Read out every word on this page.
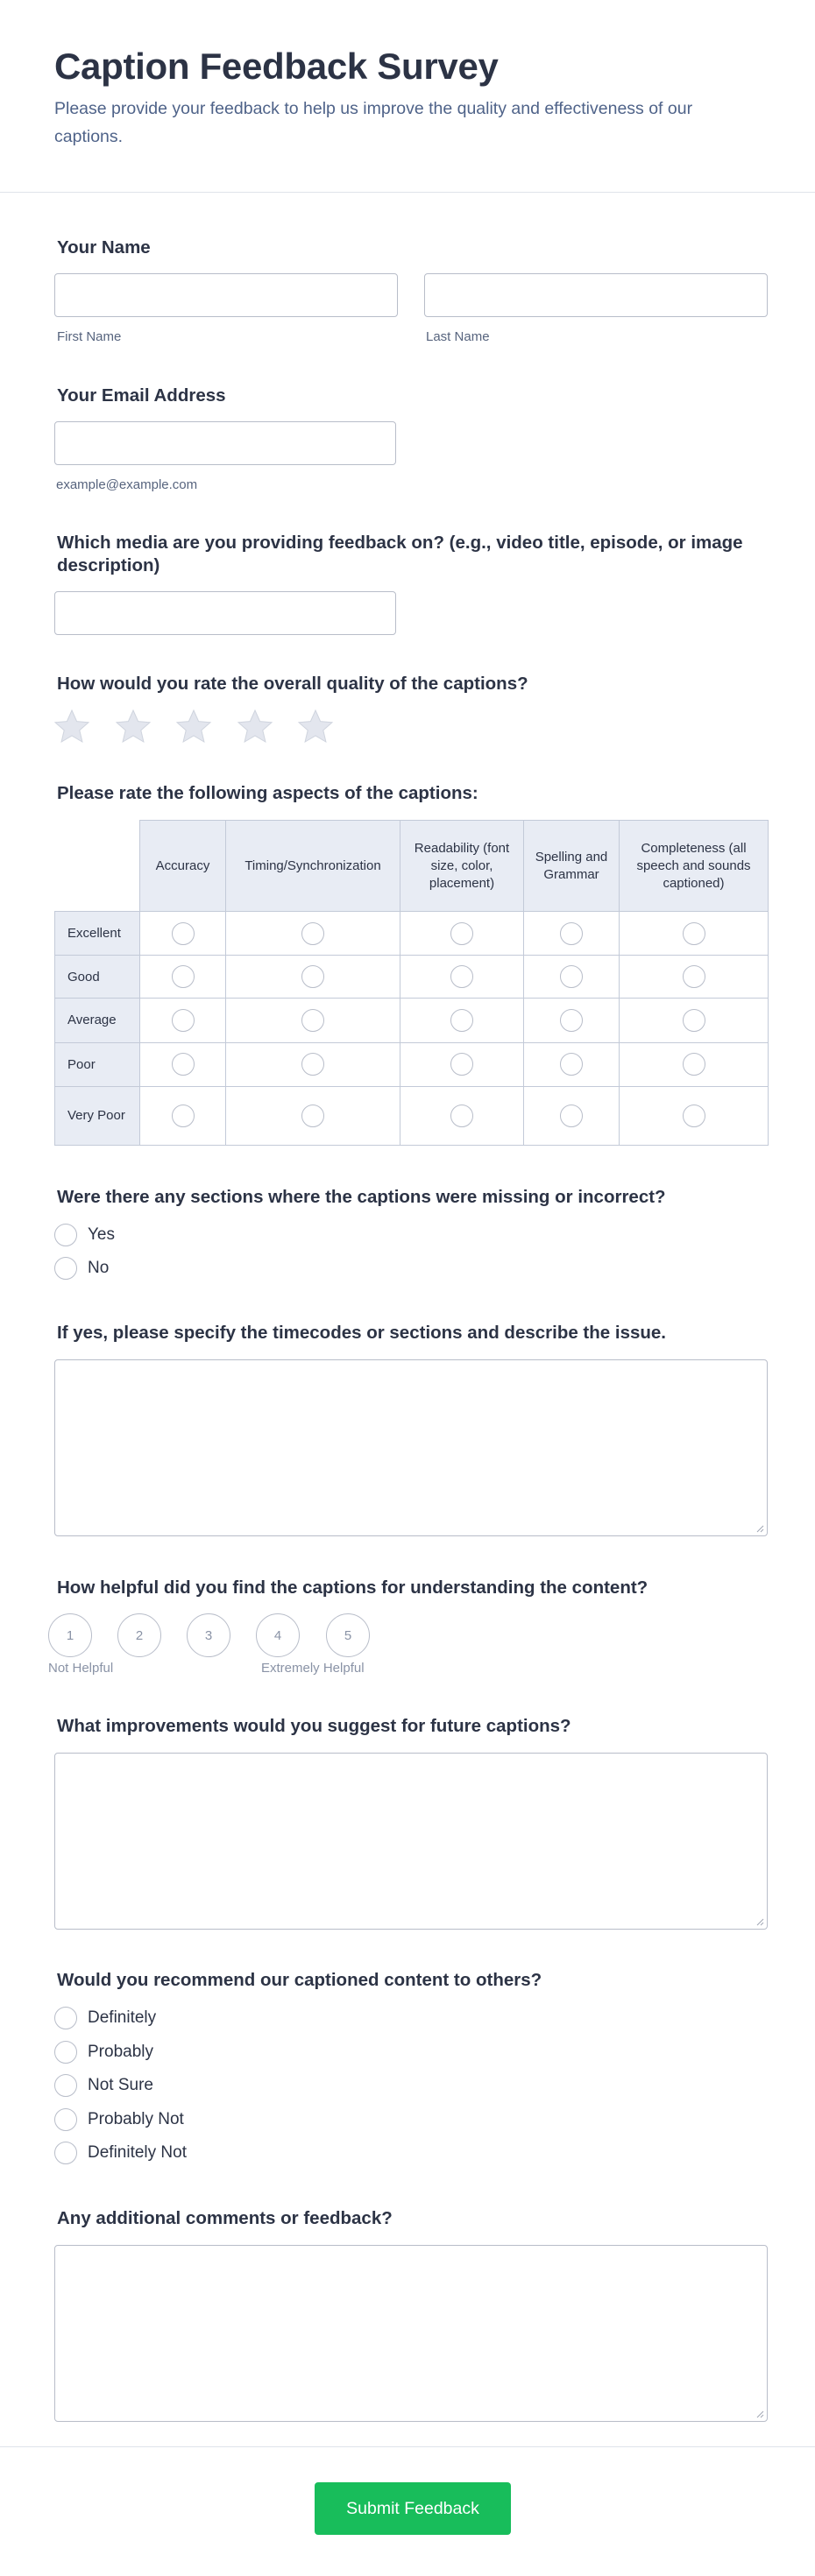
Caption Feedback Survey

Please provide your feedback to help us improve the quality and effectiveness of our captions.

Your Name
First Name	Last Name
Your Email Address
example@example.com
Which media are you providing feedback on? (e.g., video title, episode, or image description)
How would you rate the overall quality of the captions?
Please rate the following aspects of the captions:
	Accuracy	Timing/Synchronization	Readability (font size, color, placement)	Spelling and Grammar	Completeness (all speech and sounds captioned)
Excellent					
Good					
Average					
Poor					
Very Poor					
Were there any sections where the captions were missing or incorrect?
Yes
No
If yes, please specify the timecodes or sections and describe the issue.
How helpful did you find the captions for understanding the content?
1	2	3	4	5
Not Helpful	Extremely Helpful
What improvements would you suggest for future captions?
Would you recommend our captioned content to others?
Definitely
Probably
Not Sure
Probably Not
Definitely Not
Any additional comments or feedback?
Submit Feedback
